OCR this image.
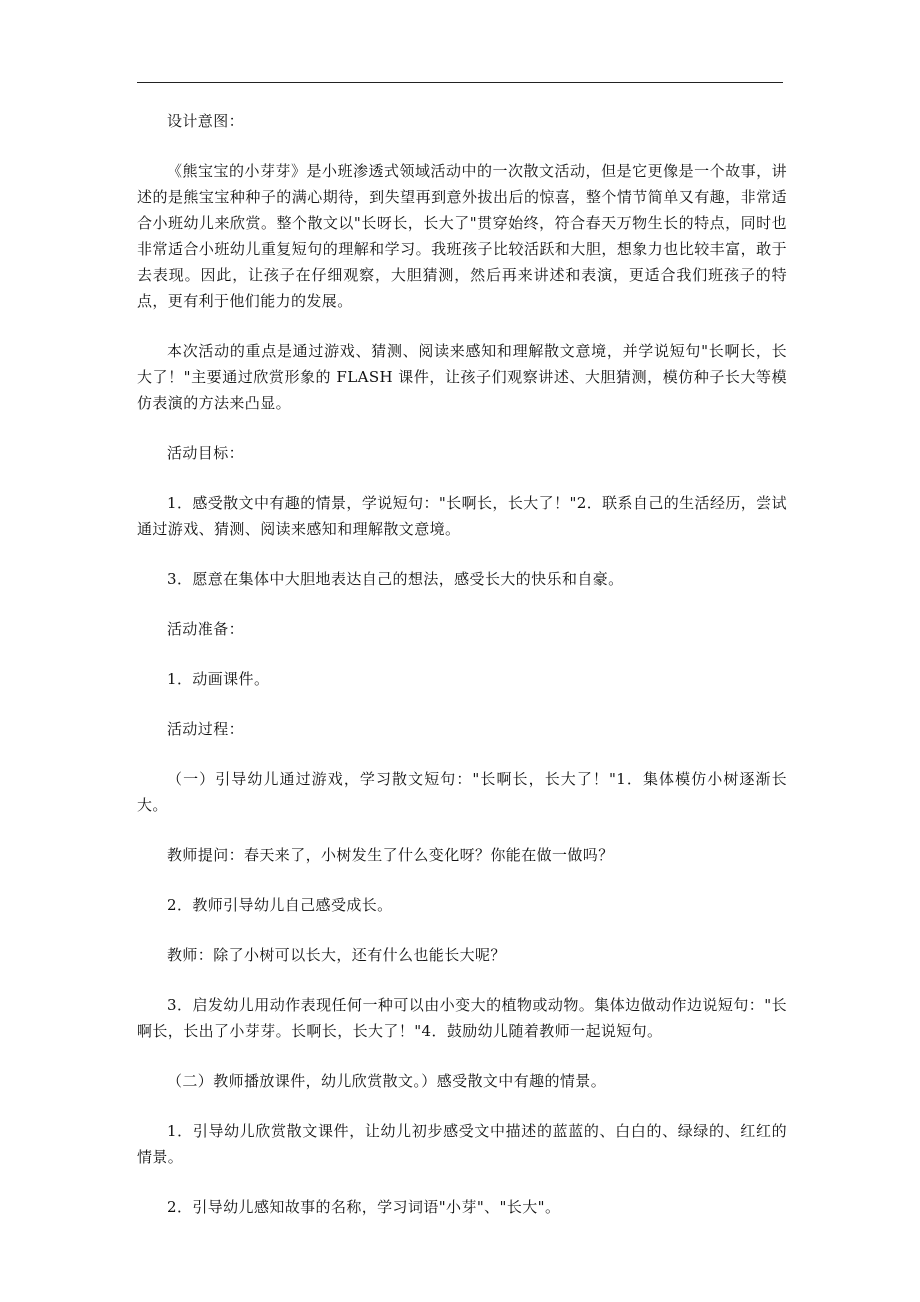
设计意图：

《熊宝宝的小芽芽》是小班渗透式领域活动中的一次散文活动，但是它更像是一个故事，讲述的是熊宝宝种种子的满心期待，到失望再到意外拔出后的惊喜，整个情节简单又有趣，非常适合小班幼儿来欣赏。整个散文以"长呀长，长大了"贯穿始终，符合春天万物生长的特点，同时也非常适合小班幼儿重复短句的理解和学习。我班孩子比较活跃和大胆，想象力也比较丰富，敢于去表现。因此，让孩子在仔细观察，大胆猜测，然后再来讲述和表演，更适合我们班孩子的特点，更有利于他们能力的发展。

本次活动的重点是通过游戏、猜测、阅读来感知和理解散文意境，并学说短句"长啊长，长大了！"主要通过欣赏形象的 FLASH 课件，让孩子们观察讲述、大胆猜测，模仿种子长大等模仿表演的方法来凸显。

活动目标：

1．感受散文中有趣的情景，学说短句："长啊长，长大了！"2．联系自己的生活经历，尝试通过游戏、猜测、阅读来感知和理解散文意境。

3．愿意在集体中大胆地表达自己的想法，感受长大的快乐和自豪。

活动准备：

1．动画课件。

活动过程：

（一）引导幼儿通过游戏，学习散文短句："长啊长，长大了！"1．集体模仿小树逐渐长大。

教师提问：春天来了，小树发生了什么变化呀？你能在做一做吗？

2．教师引导幼儿自己感受成长。

教师：除了小树可以长大，还有什么也能长大呢？

3．启发幼儿用动作表现任何一种可以由小变大的植物或动物。集体边做动作边说短句："长啊长，长出了小芽芽。长啊长，长大了！"4．鼓励幼儿随着教师一起说短句。

（二）教师播放课件，幼儿欣赏散文。）感受散文中有趣的情景。

1．引导幼儿欣赏散文课件，让幼儿初步感受文中描述的蓝蓝的、白白的、绿绿的、红红的情景。

2．引导幼儿感知故事的名称，学习词语"小芽"、"长大"。
